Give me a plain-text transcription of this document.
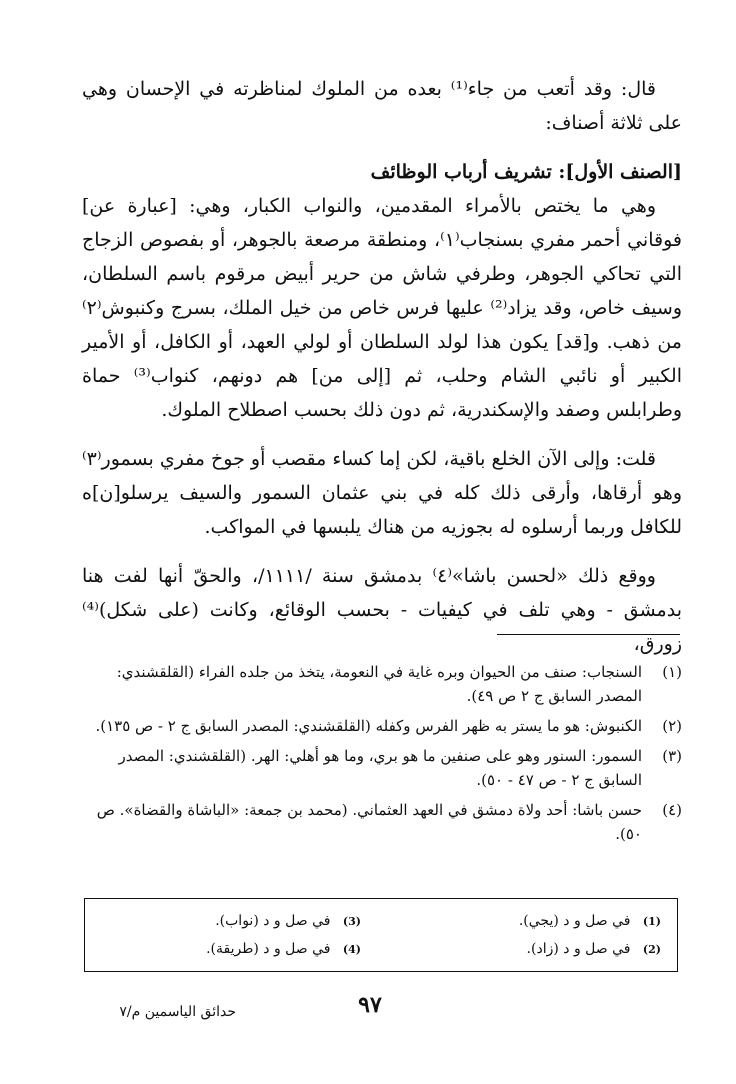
قال: وقد أتعب من جاء⁽¹⁾ بعده من الملوك لمناظرته في الإحسان وهي على ثلاثة أصناف:

[الصنف الأول]: تشريف أرباب الوظائف

وهي ما يختص بالأمراء المقدمين، والنواب الكبار، وهي: [عبارة عن] فوقاني أحمر مفري بسنجاب⁽١⁾، ومنطقة مرصعة بالجوهر، أو بفصوص الزجاج التي تحاكي الجوهر، وطرفي شاش من حرير أبيض مرقوم باسم السلطان، وسيف خاص، وقد يزاد⁽²⁾ عليها فرس خاص من خيل الملك، بسرج وكنبوش⁽٢⁾ من ذهب. و[قد] يكون هذا لولد السلطان أو لولي العهد، أو الكافل، أو الأمير الكبير أو نائبي الشام وحلب، ثم [إلى من] هم دونهم، كنواب⁽³⁾ حماة وطرابلس وصفد والإسكندرية، ثم دون ذلك بحسب اصطلاح الملوك.

قلت: وإلى الآن الخلع باقية، لكن إما كساء مقصب أو جوخ مفري بسمور⁽٣⁾ وهو أرقاها، وأرقى ذلك كله في بني عثمان السمور والسيف يرسلو[ن]ه للكافل وربما أرسلوه له بجوزيه من هناك يلبسها في المواكب.

ووقع ذلك «لحسن باشا»⁽٤⁾ بدمشق سنة /١١١١/، والحقّ أنها لفت هنا بدمشق - وهي تلف في كيفيات - بحسب الوقائع، وكانت (على شكل)⁽⁴⁾ زورق،

(١)
السنجاب: صنف من الحيوان وبره غاية في النعومة، يتخذ من جلده الفراء (القلقشندي: المصدر السابق ج ٢ ص ٤٩).
(٢)
الكنبوش: هو ما يستر به ظهر الفرس وكفله (القلقشندي: المصدر السابق ج ٢ - ص ١٣٥).
(٣)
السمور: السنور وهو على صنفين ما هو بري، وما هو أهلي: الهر. (القلقشندي: المصدر السابق ج ٢ - ص ٤٧ - ٥٠).
(٤)
حسن باشا: أحد ولاة دمشق في العهد العثماني. (محمد بن جمعة: «الباشاة والقضاة». ص ٥٠).
(1) في صل و د (يجي).
(3) في صل و د (نواب).
(2) في صل و د (زاد).
(4) في صل و د (طريقة).
٩٧
حدائق الياسمين م/٧
